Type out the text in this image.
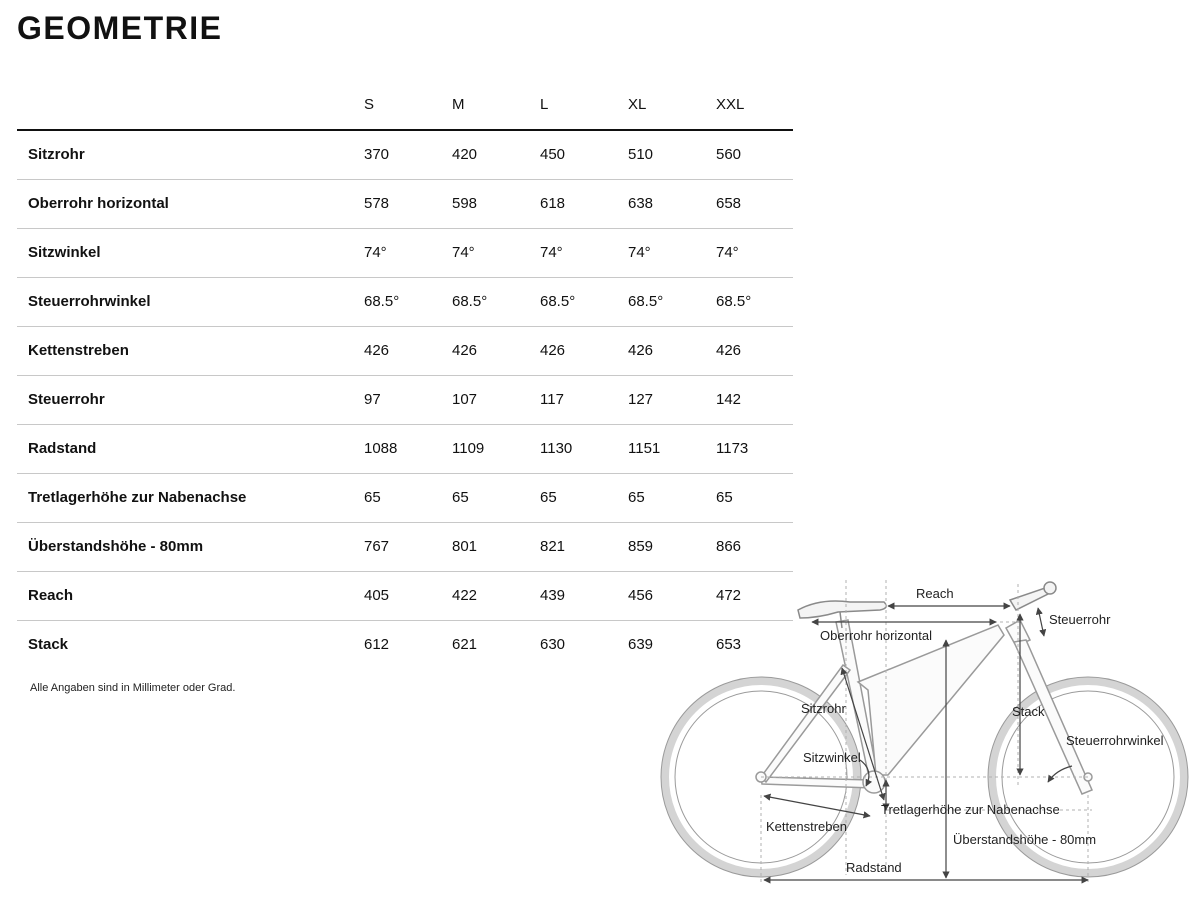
GEOMETRIE
	S	M	L	XL	XXL
Sitzrohr	370	420	450	510	560
Oberrohr horizontal	578	598	618	638	658
Sitzwinkel	74°	74°	74°	74°	74°
Steuerrohrwinkel	68.5°	68.5°	68.5°	68.5°	68.5°
Kettenstreben	426	426	426	426	426
Steuerrohr	97	107	117	127	142
Radstand	1088	1109	1130	1151	1173
Tretlagerhöhe zur Nabenachse	65	65	65	65	65
Überstandshöhe - 80mm	767	801	821	859	866
Reach	405	422	439	456	472
Stack	612	621	630	639	653
Alle Angaben sind in Millimeter oder Grad.
Reach
Steuerrohr
Oberrohr horizontal
Sitzrohr	Stack
Steuerrohrwinkel
Sitzwinkel
Tretlagerhöhe zur Nabenachse
Kettenstreben
Überstandshöhe - 80mm
Radstand
